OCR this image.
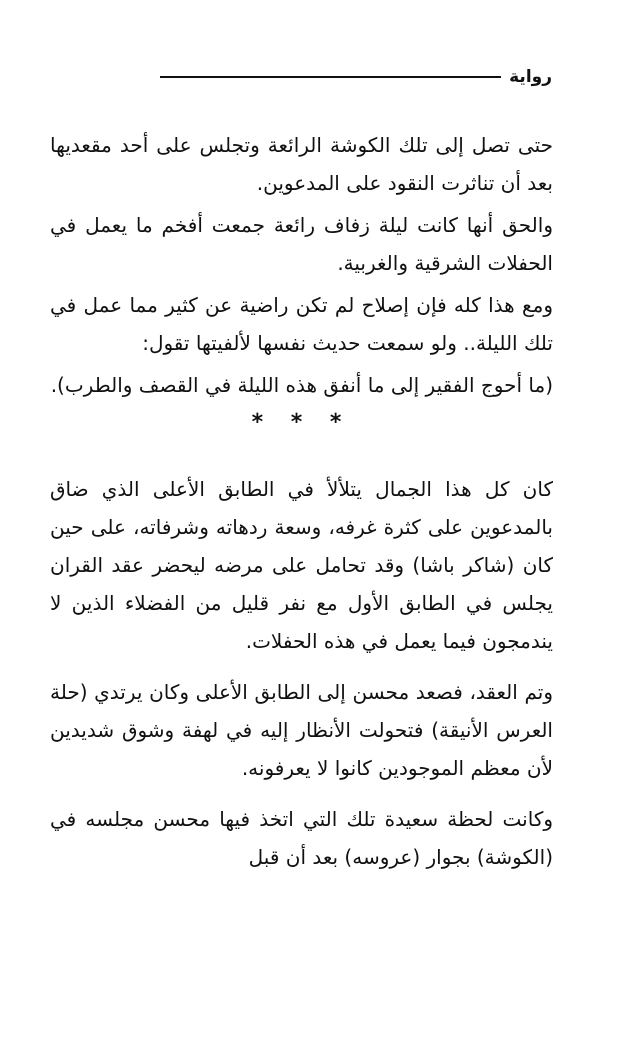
رواية

حتى تصل إلى تلك الكوشة الرائعة وتجلس على أحد مقعديها بعد أن تناثرت النقود على المدعوين.

والحق أنها كانت ليلة زفاف رائعة جمعت أفخم ما يعمل في الحفلات الشرقية والغربية.

ومع هذا كله فإن إصلاح لم تكن راضية عن كثير مما عمل في تلك الليلة.. ولو سمعت حديث نفسها لألفيتها تقول:

(ما أحوج الفقير إلى ما أنفق هذه الليلة في القصف والطرب).

* * *

كان كل هذا الجمال يتلألأ في الطابق الأعلى الذي ضاق بالمدعوين على كثرة غرفه، وسعة ردهاته وشرفاته، على حين كان (شاكر باشا) وقد تحامل على مرضه ليحضر عقد القران يجلس في الطابق الأول مع نفر قليل من الفضلاء الذين لا يندمجون فيما يعمل في هذه الحفلات.

وتم العقد، فصعد محسن إلى الطابق الأعلى وكان يرتدي (حلة العرس الأنيقة) فتحولت الأنظار إليه في لهفة وشوق شديدين لأن معظم الموجودين كانوا لا يعرفونه.

وكانت لحظة سعيدة تلك التي اتخذ فيها محسن مجلسه في (الكوشة) بجوار (عروسه) بعد أن قبل
